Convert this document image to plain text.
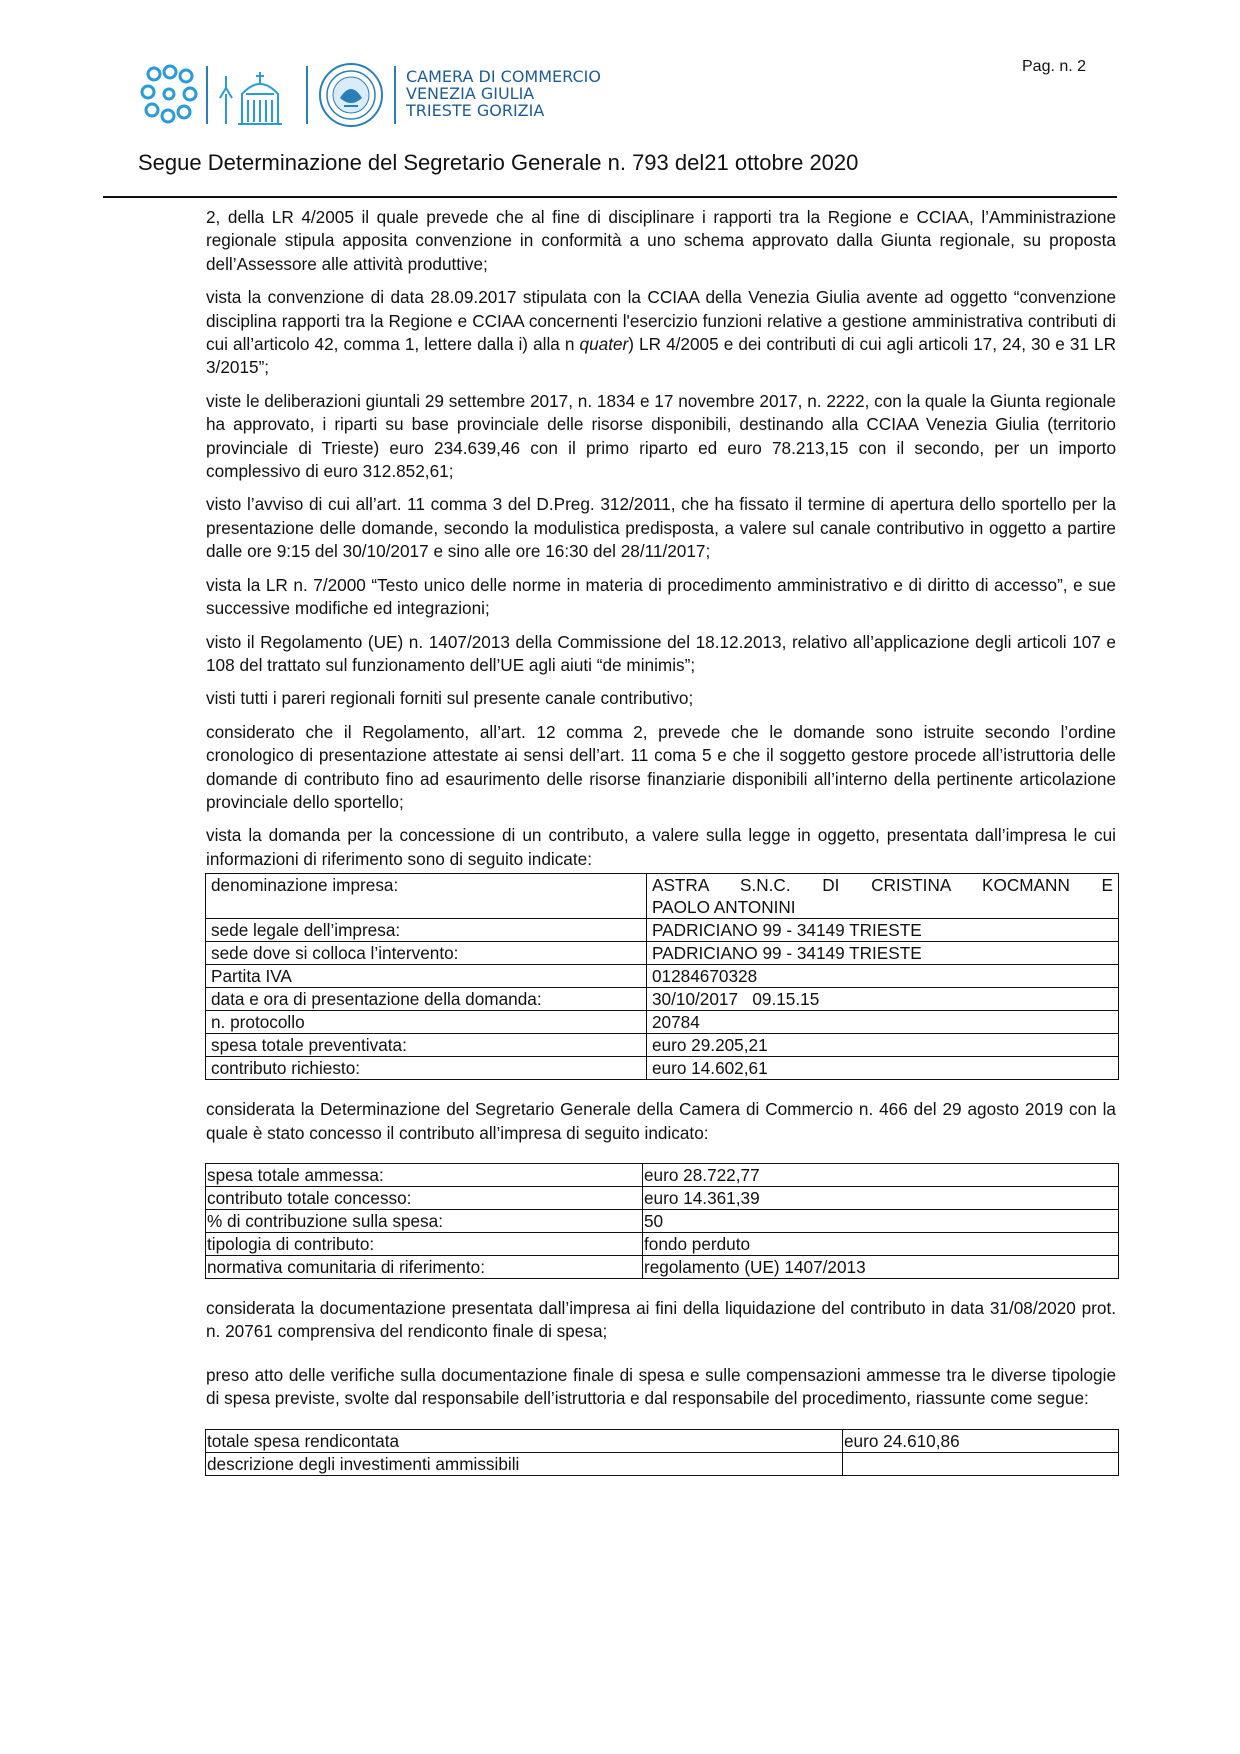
CAMERA DI COMMERCIO
VENEZIA GIULIA
TRIESTE GORIZIA
Pag. n. 2
Segue Determinazione del Segretario Generale n. 793 del21 ottobre 2020

2, della LR 4/2005 il quale prevede che al fine di disciplinare i rapporti tra la Regione e CCIAA, l’Amministrazione regionale stipula apposita convenzione in conformità a uno schema approvato dalla Giunta regionale, su proposta dell’Assessore alle attività produttive;

vista la convenzione di data 28.09.2017 stipulata con la CCIAA della Venezia Giulia avente ad oggetto “convenzione disciplina rapporti tra la Regione e CCIAA concernenti l'esercizio funzioni relative a gestione amministrativa contributi di cui all’articolo 42, comma 1, lettere dalla i) alla n quater) LR 4/2005 e dei contributi di cui agli articoli 17, 24, 30 e 31 LR 3/2015”;

viste le deliberazioni giuntali 29 settembre 2017, n. 1834 e 17 novembre 2017, n. 2222, con la quale la Giunta regionale ha approvato, i riparti su base provinciale delle risorse disponibili, destinando alla CCIAA Venezia Giulia (territorio provinciale di Trieste) euro 234.639,46 con il primo riparto ed euro 78.213,15 con il secondo, per un importo complessivo di euro 312.852,61;

visto l’avviso di cui all’art. 11 comma 3 del D.Preg. 312/2011, che ha fissato il termine di apertura dello sportello per la presentazione delle domande, secondo la modulistica predisposta, a valere sul canale contributivo in oggetto a partire dalle ore 9:15 del 30/10/2017 e sino alle ore 16:30 del 28/11/2017;

vista la LR n. 7/2000 “Testo unico delle norme in materia di procedimento amministrativo e di diritto di accesso”, e sue successive modifiche ed integrazioni;

visto il Regolamento (UE) n. 1407/2013 della Commissione del 18.12.2013, relativo all’applicazione degli articoli 107 e 108 del trattato sul funzionamento dell’UE agli aiuti “de minimis”;

visti tutti i pareri regionali forniti sul presente canale contributivo;

considerato che il Regolamento, all’art. 12 comma 2, prevede che le domande sono istruite secondo l’ordine cronologico di presentazione attestate ai sensi dell’art. 11 coma 5 e che il soggetto gestore procede all’istruttoria delle domande di contributo fino ad esaurimento delle risorse finanziarie disponibili all’interno della pertinente articolazione provinciale dello sportello;

vista la domanda per la concessione di un contributo, a valere sulla legge in oggetto, presentata dall’impresa le cui informazioni di riferimento sono di seguito indicate:

denominazione impresa:	ASTRA S.N.C. DI CRISTINA KOCMANN E
PAOLO ANTONINI
sede legale dell’impresa:	PADRICIANO 99 - 34149 TRIESTE
sede dove si colloca l’intervento:	PADRICIANO 99 - 34149 TRIESTE
Partita IVA	01284670328
data e ora di presentazione della domanda:	30/10/2017   09.15.15
n. protocollo	20784
spesa totale preventivata:	euro 29.205,21
contributo richiesto:	euro 14.602,61

considerata la Determinazione del Segretario Generale della Camera di Commercio n. 466 del 29 agosto 2019 con la quale è stato concesso il contributo all’impresa di seguito indicato:

spesa totale ammessa:	euro 28.722,77
contributo totale concesso:	euro 14.361,39
% di contribuzione sulla spesa:	50
tipologia di contributo:	fondo perduto
normativa comunitaria di riferimento:	regolamento (UE) 1407/2013

considerata la documentazione presentata dall’impresa ai fini della liquidazione del contributo in data 31/08/2020 prot. n. 20761 comprensiva del rendiconto finale di spesa;

preso atto delle verifiche sulla documentazione finale di spesa e sulle compensazioni ammesse tra le diverse tipologie di spesa previste, svolte dal responsabile dell’istruttoria e dal responsabile del procedimento, riassunte come segue:

totale spesa rendicontata	euro 24.610,86
descrizione degli investimenti ammissibili	
